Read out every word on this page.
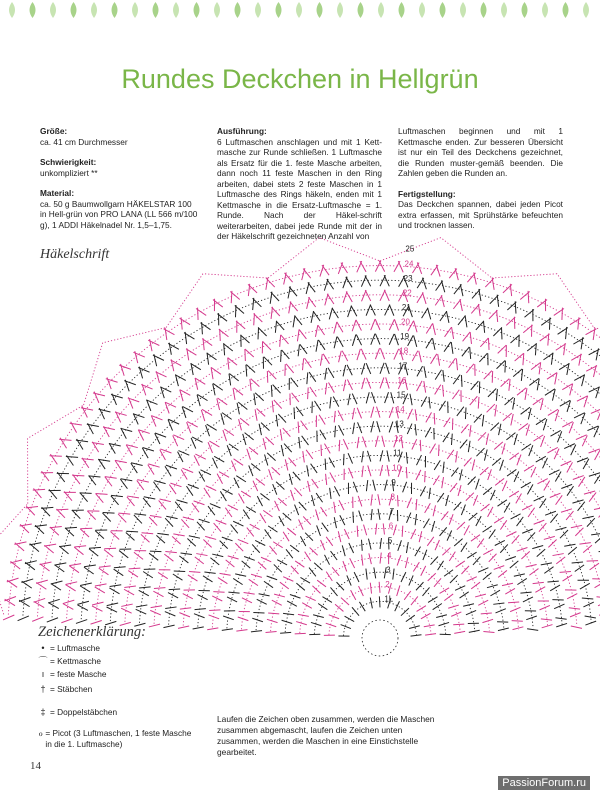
Rundes Deckchen in Hellgrün

Größe:
ca. 41 cm Durchmesser

Schwierigkeit:
unkompliziert **

Material:
ca. 50 g Baumwollgarn HÄKELSTAR 100 in Hell-grün von PRO LANA (LL 566 m/100 g), 1 ADDI Häkelnadel Nr. 1,5–1,75.

Ausführung:
6 Luftmaschen anschlagen und mit 1 Kett-masche zur Runde schließen. 1 Luftmasche als Ersatz für die 1. feste Masche arbeiten, dann noch 11 feste Maschen in den Ring arbeiten, dabei stets 2 feste Maschen in 1 Luftmasche des Rings häkeln, enden mit 1 Kettmasche in die Ersatz-Luftmasche = 1. Runde. Nach der Häkel-schrift weiterarbeiten, dabei jede Runde mit der in der Häkelschrift gezeichneten Anzahl von

Luftmaschen beginnen und mit 1 Kettmasche enden. Zur besseren Übersicht ist nur ein Teil des Deckchens gezeichnet, die Runden muster-gemäß beenden. Die Zahlen geben die Runden an.

Fertigstellung:
Das Deckchen spannen, dabei jeden Picot extra erfassen, mit Sprühstärke befeuchten und trocknen lassen.

Häkelschrift	25
24
23
22
21
20
19
18
17
16
15
14
13
12
11
10
9
8
7
6
5
4
3
2
1L
Zeichenerklärung:
• = Luftmasche
⌒ = Kettmasche
ı = feste Masche
† = Stäbchen
‡ = Doppelstäbchen
ℴ = Picot (3 Luftmaschen, 1 feste Masche in die 1. Luftmasche)
Laufen die Zeichen oben zusammen, werden die Maschen zusammen abgemascht, laufen die Zeichen unten zusammen, werden die Maschen in eine Einstichstelle gearbeitet.
14
PassionForum.ru
